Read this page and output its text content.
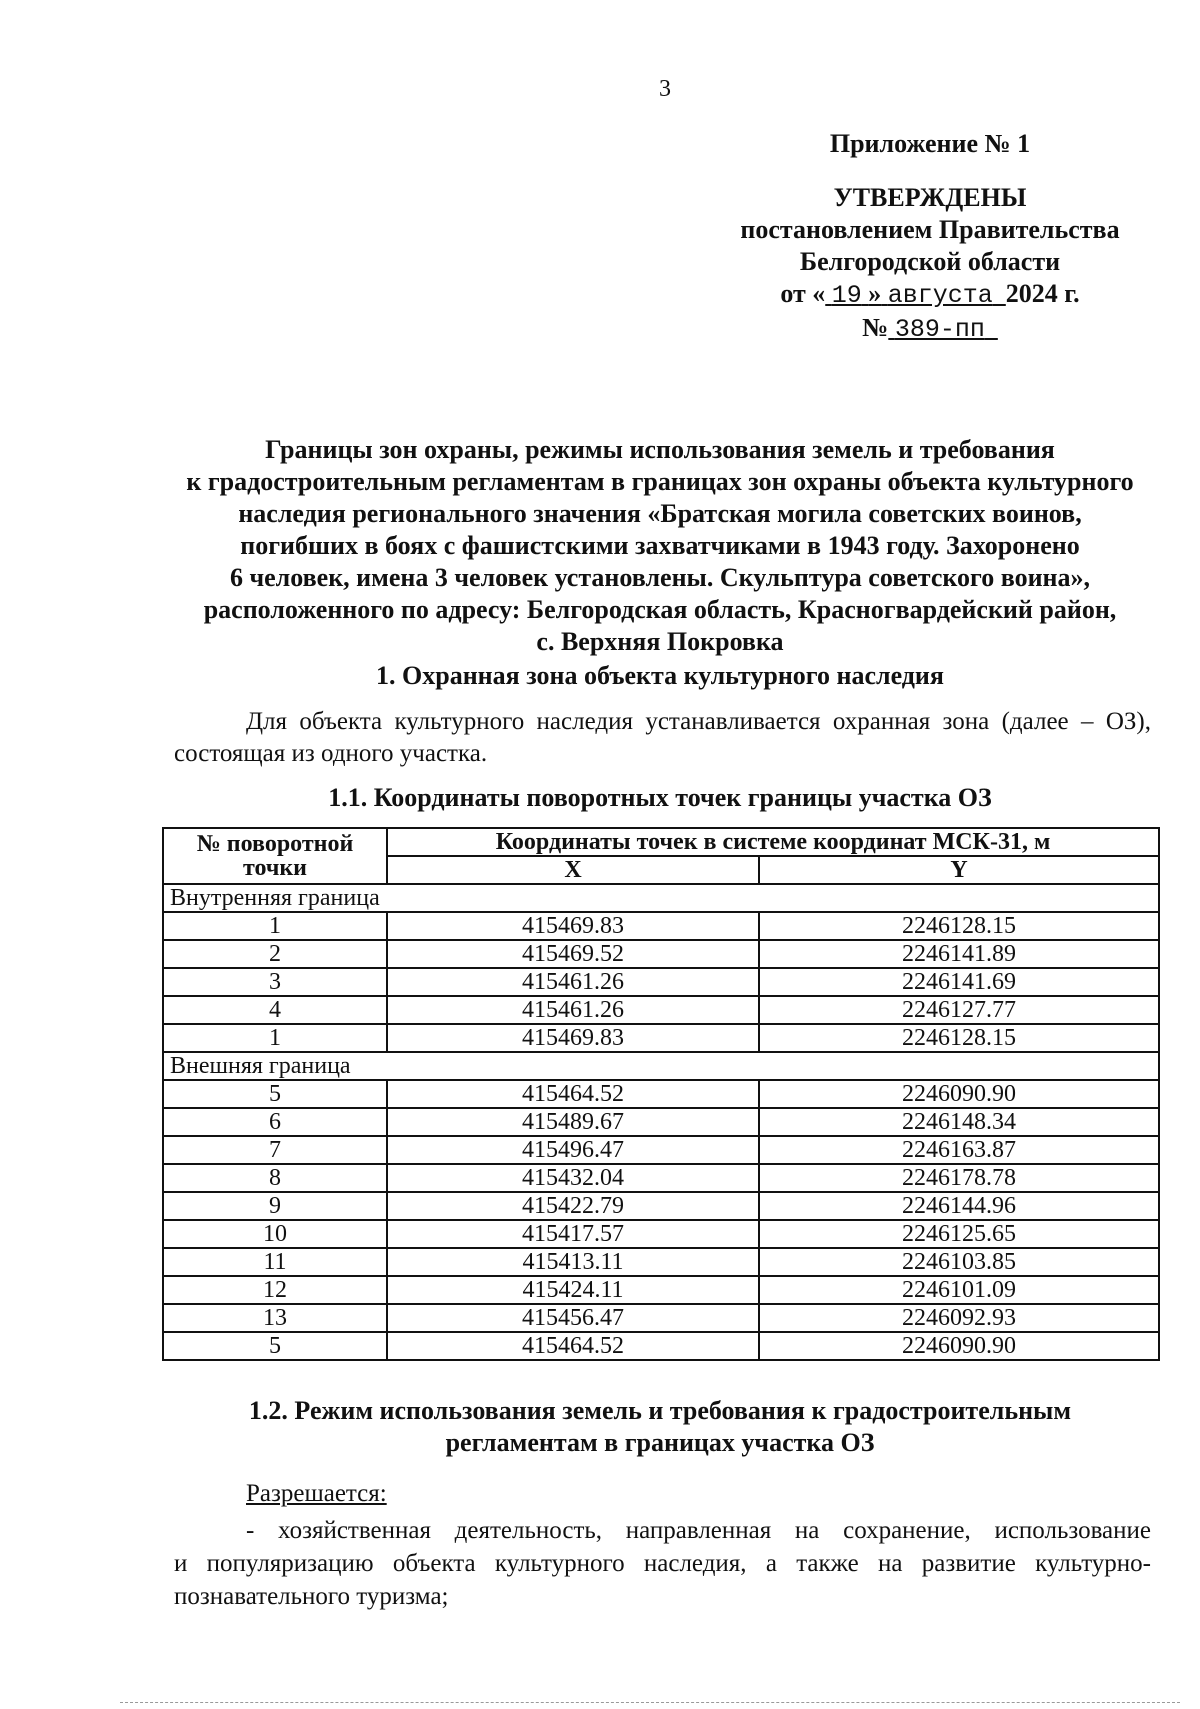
3
Приложение № 1
УТВЕРЖДЕНЫ
постановлением Правительства
Белгородской области
от « 19 » августа 2024 г.
№ 389-пп
Границы зон охраны, режимы использования земель и требования
к градостроительным регламентам в границах зон охраны объекта культурного
наследия регионального значения «Братская могила советских воинов,
погибших в боях с фашистскими захватчиками в 1943 году. Захоронено
6 человек, имена 3 человек установлены. Скульптура советского воина»,
расположенного по адресу: Белгородская область, Красногвардейский район,
с. Верхняя Покровка
1. Охранная зона объекта культурного наследия
Для объекта культурного наследия устанавливается охранная зона (далее – ОЗ),
состоящая из одного участка.
1.1. Координаты поворотных точек границы участка ОЗ
№ поворотной точки	Координаты точек в системе координат МСК-31, м	
	X	Y
Внутренняя граница		
1	415469.83	2246128.15
2	415469.52	2246141.89
3	415461.26	2246141.69
4	415461.26	2246127.77
1	415469.83	2246128.15
Внешняя граница		
5	415464.52	2246090.90
6	415489.67	2246148.34
7	415496.47	2246163.87
8	415432.04	2246178.78
9	415422.79	2246144.96
10	415417.57	2246125.65
11	415413.11	2246103.85
12	415424.11	2246101.09
13	415456.47	2246092.93
5	415464.52	2246090.90
1.2. Режим использования земель и требования к градостроительным
регламентам в границах участка ОЗ
Разрешается:
- хозяйственная деятельность, направленная на сохранение, использование
и популяризацию объекта культурного наследия, а также на развитие культурно-
познавательного туризма;
